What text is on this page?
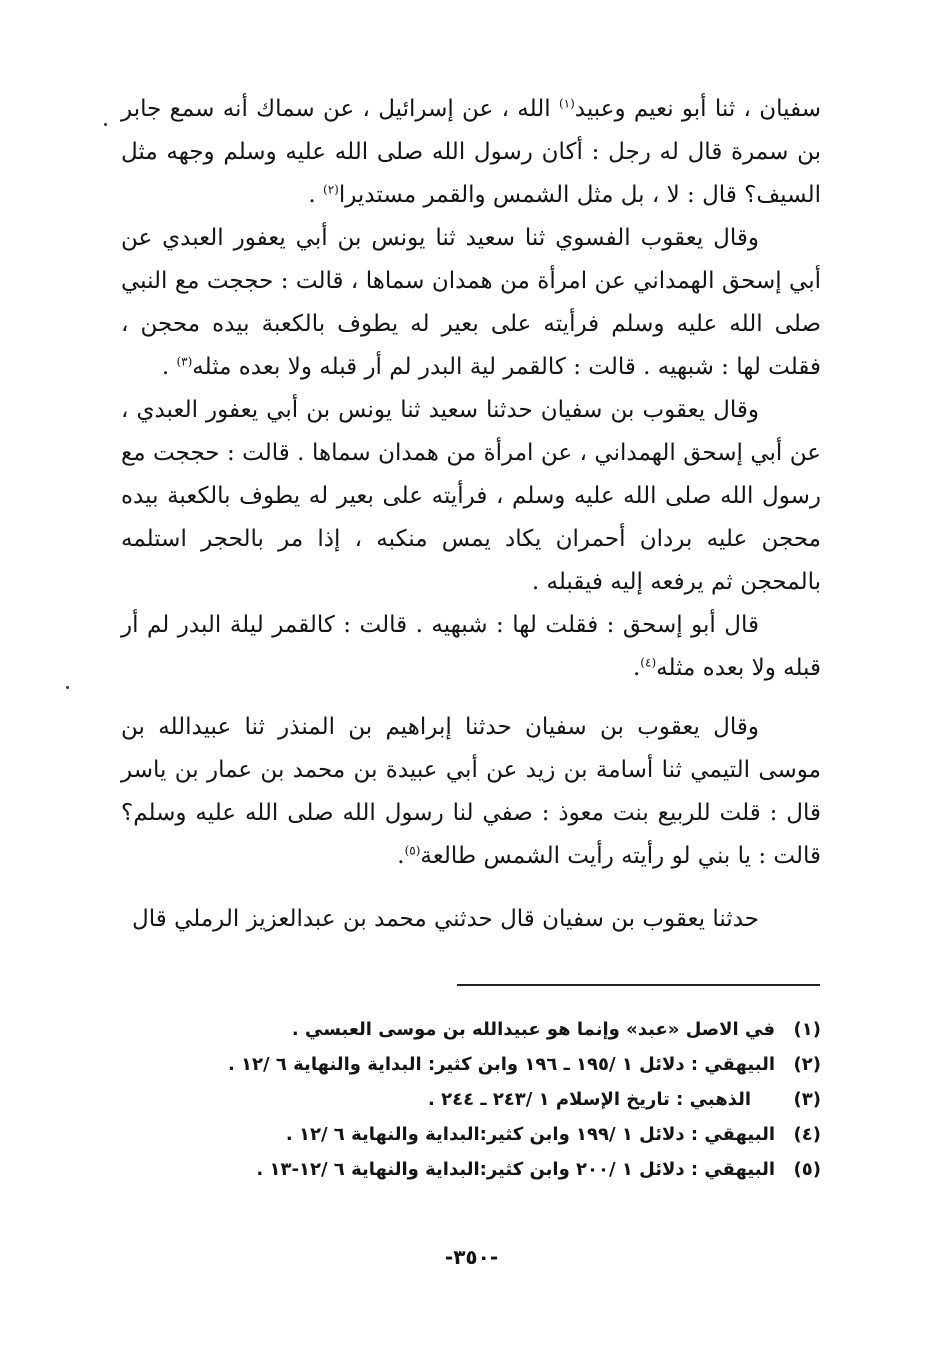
سفيان ، ثنا أبو نعيم وعبيد$^{(١)}$ الله ، عن إسرائيل ، عن سماك أنه سمع جابر بن سمرة قال له رجل : أكان رسول الله صلى الله عليه وسلم وجهه مثل السيف؟ قال : لا ، بل مثل الشمس والقمر مستديرا$^{(٢)}$ .

وقال يعقوب الفسوي ثنا سعيد ثنا يونس بن أبي يعفور العبدي عن أبي إسحق الهمداني عن امرأة من همدان سماها ، قالت : حججت مع النبي صلى الله عليه وسلم فرأيته على بعير له يطوف بالكعبة بيده محجن ، فقلت لها : شبهيه . قالت : كالقمر لية البدر لم أر قبله ولا بعده مثله$^{(٣)}$ .

وقال يعقوب بن سفيان حدثنا سعيد ثنا يونس بن أبي يعفور العبدي ، عن أبي إسحق الهمداني ، عن امرأة من همدان سماها . قالت : حججت مع رسول الله صلى الله عليه وسلم ، فرأيته على بعير له يطوف بالكعبة بيده محجن عليه بردان أحمران يكاد يمس منكبه ، إذا مر بالحجر استلمه بالمحجن ثم يرفعه إليه فيقبله .

قال أبو إسحق : فقلت لها : شبهيه . قالت : كالقمر ليلة البدر لم أر قبله ولا بعده مثله$^{(٤)}$.

وقال يعقوب بن سفيان حدثنا إبراهيم بن المنذر ثنا عبيدالله بن موسى التيمي ثنا أسامة بن زيد عن أبي عبيدة بن محمد بن عمار بن ياسر قال : قلت للربيع بنت معوذ : صفي لنا رسول الله صلى الله عليه وسلم؟ قالت : يا بني لو رأيته رأيت الشمس طالعة$^{(٥)}$.

حدثنا يعقوب بن سفيان قال حدثني محمد بن عبدالعزيز الرملي قال

(١)
في الاصل «عبد» وإنما هو عبيدالله بن موسى العبسي .
(٢)
البيهقي : دلائل ١ /١٩٥ ـ ١٩٦ وابن كثير: البداية والنهاية ٦ /١٢ .
(٣)
الذهبي : تاريخ الإسلام ١ /٢٤٣ ـ ٢٤٤ .
(٤)
البيهقي : دلائل ١ /١٩٩ وابن كثير:البداية والنهاية ٦ /١٢ .
(٥)
البيهقي : دلائل ١ /٢٠٠ وابن كثير:البداية والنهاية ٦ /١٢-١٣ .
-٣٥٠-
